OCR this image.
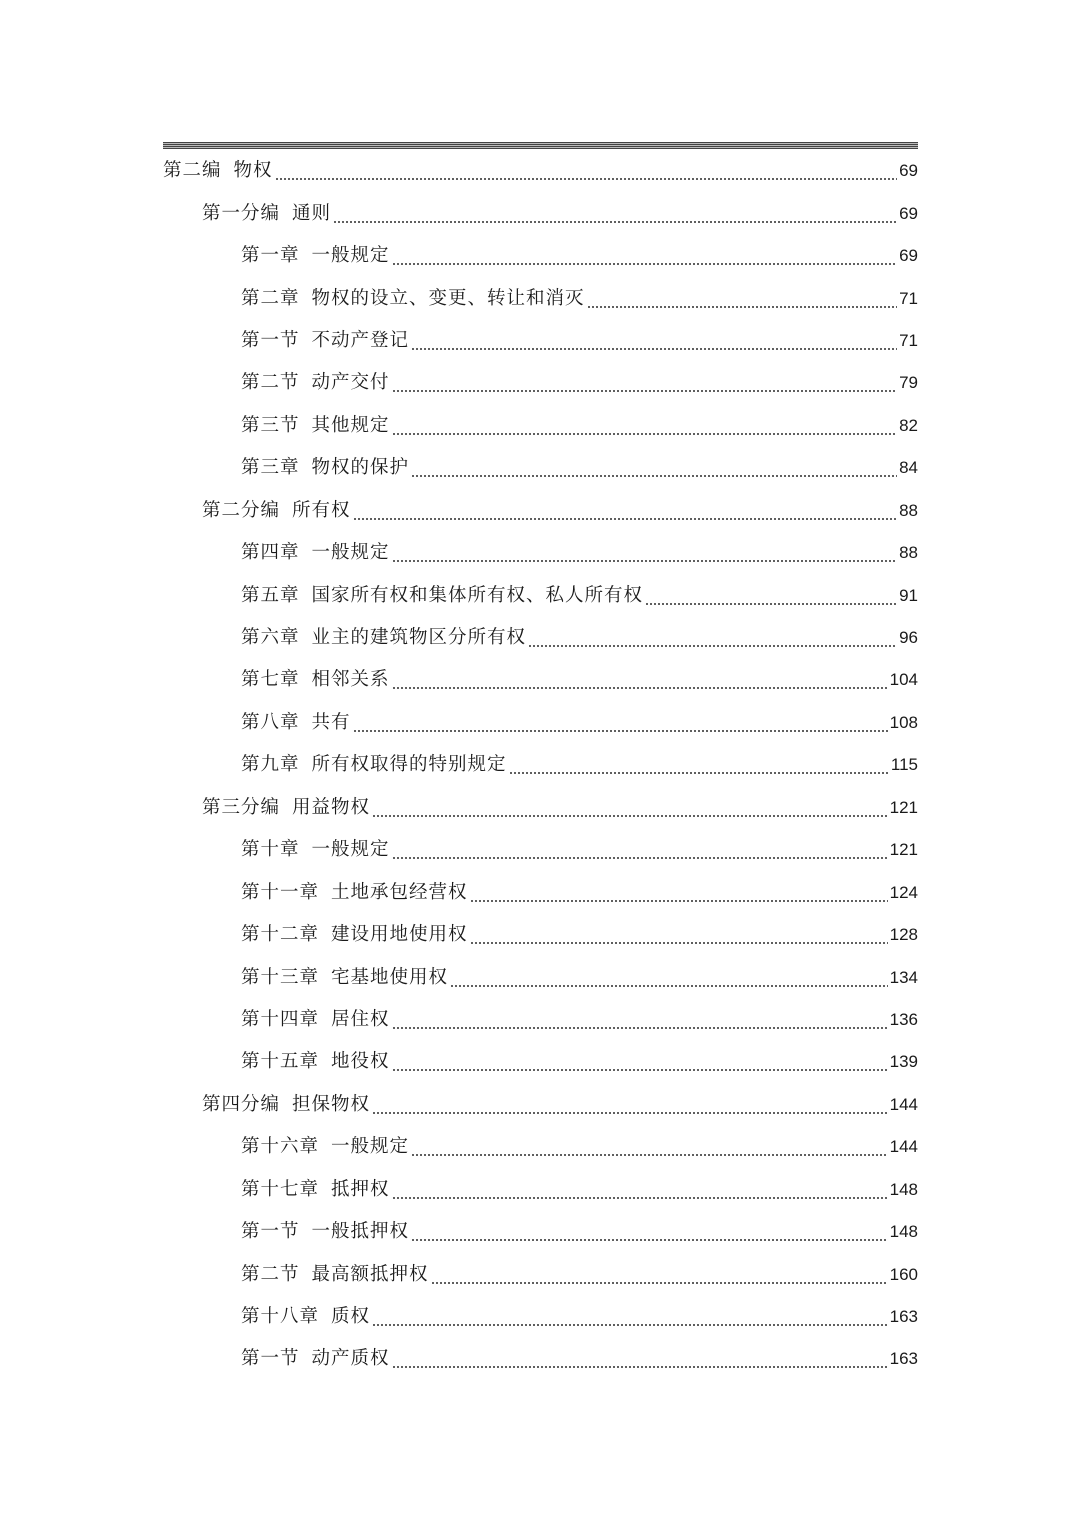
第二编 物权	69
第一分编 通则	69
第一章 一般规定	69
第二章 物权的设立、变更、转让和消灭	71
第一节 不动产登记	71
第二节 动产交付	79
第三节 其他规定	82
第三章 物权的保护	84
第二分编 所有权	88
第四章 一般规定	88
第五章 国家所有权和集体所有权、私人所有权	91
第六章 业主的建筑物区分所有权	96
第七章 相邻关系	104
第八章 共有	108
第九章 所有权取得的特别规定	115
第三分编 用益物权	121
第十章 一般规定	121
第十一章 土地承包经营权	124
第十二章 建设用地使用权	128
第十三章 宅基地使用权	134
第十四章 居住权	136
第十五章 地役权	139
第四分编 担保物权	144
第十六章 一般规定	144
第十七章 抵押权	148
第一节 一般抵押权	148
第二节 最高额抵押权	160
第十八章 质权	163
第一节 动产质权	163
